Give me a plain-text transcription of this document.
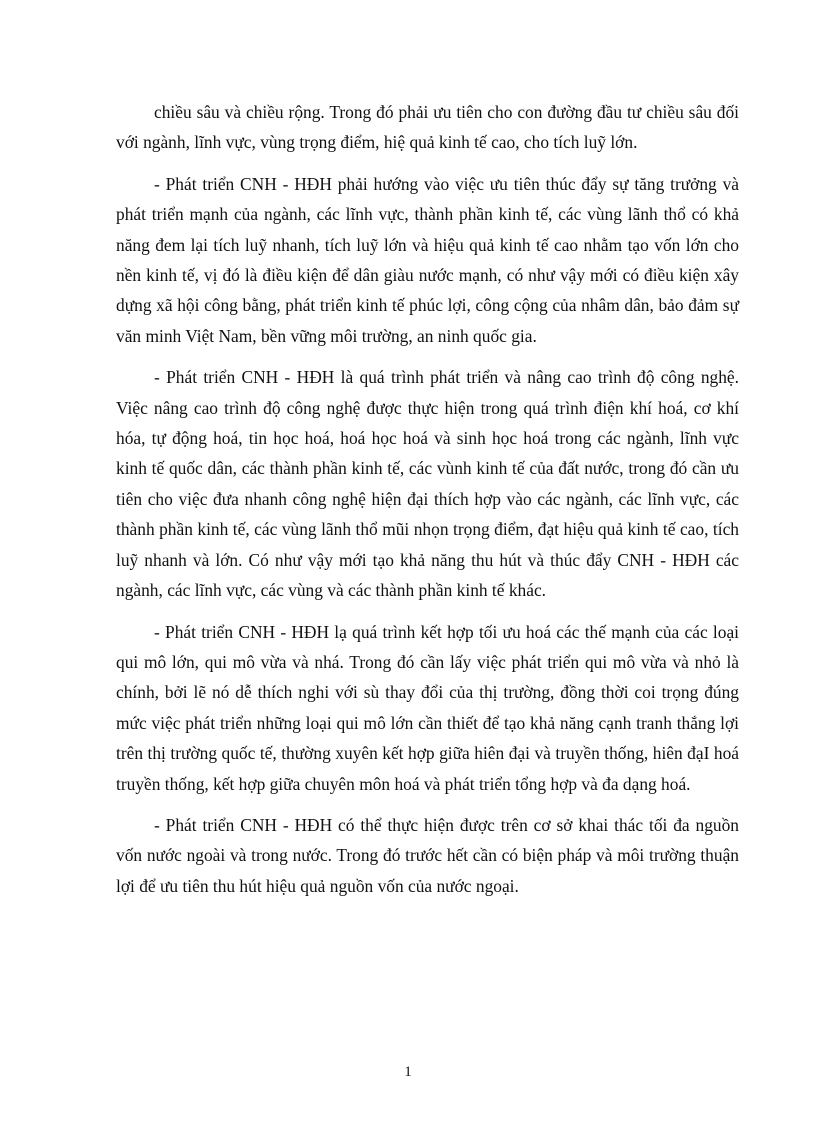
chiều sâu và chiều rộng. Trong đó phải ưu tiên cho con đường đầu tư chiều sâu đối với ngành, lĩnh vực, vùng trọng điểm, hiệ quả kinh tế cao, cho tích luỹ lớn.

- Phát triển CNH - HĐH phải hướng vào việc ưu tiên thúc đẩy sự tăng trưởng và phát triển mạnh của ngành, các lĩnh vực, thành phần kinh tế, các vùng lãnh thổ có khả năng đem lại tích luỹ nhanh, tích luỹ lớn và hiệu quả kinh tế cao nhằm tạo vốn lớn cho nền kinh tế, vị đó là điều kiện để dân giàu nước mạnh, có như vậy mới có điều kiện xây dựng xã hội công bằng, phát triển kinh tế phúc lợi, công cộng của nhâm dân, bảo đảm sự văn minh Việt Nam, bền vững môi trường, an ninh quốc gia.

- Phát triển CNH - HĐH là quá trình phát triển và nâng cao trình độ công nghệ. Việc nâng cao trình độ công nghệ được thực hiện trong quá trình điện khí hoá, cơ khí hóa, tự động hoá, tin học hoá, hoá học hoá và sinh học hoá trong các ngành, lĩnh vực kinh tế quốc dân, các thành phần kinh tế, các vùnh kinh tế của đất nước, trong đó cần ưu tiên cho việc đưa nhanh công nghệ hiện đại thích hợp vào các ngành, các lĩnh vực, các thành phần kinh tế, các vùng lãnh thổ mũi nhọn trọng điểm, đạt hiệu quả kinh tế cao, tích luỹ nhanh và lớn. Có như vậy mới tạo khả năng thu hút và thúc đẩy CNH - HĐH các ngành, các lĩnh vực, các vùng và các thành phần kinh tế khác.

- Phát triển CNH - HĐH lạ quá trình kết hợp tối ưu hoá các thế mạnh của các loại qui mô lớn, qui mô vừa và nhá. Trong đó cần lấy việc phát triển qui mô vừa và nhỏ là chính, bởi lẽ nó dễ thích nghi với sù thay đổi của thị trường, đồng thời coi trọng đúng mức việc phát triển những loại qui mô lớn cần thiết để tạo khả năng cạnh tranh thắng lợi trên thị trường quốc tế, thường xuyên kết hợp giữa hiên đại và truyền thống, hiên đạI hoá truyền thống, kết hợp giữa chuyên môn hoá và phát triển tổng hợp và đa dạng hoá.

- Phát triển CNH - HĐH có thể thực hiện được trên cơ sở khai thác tối đa nguồn vốn nước ngoài và trong nước. Trong đó trước hết cần có biện pháp và môi trường thuận lợi để ưu tiên thu hút hiệu quả nguồn vốn của nước ngoại.

1
